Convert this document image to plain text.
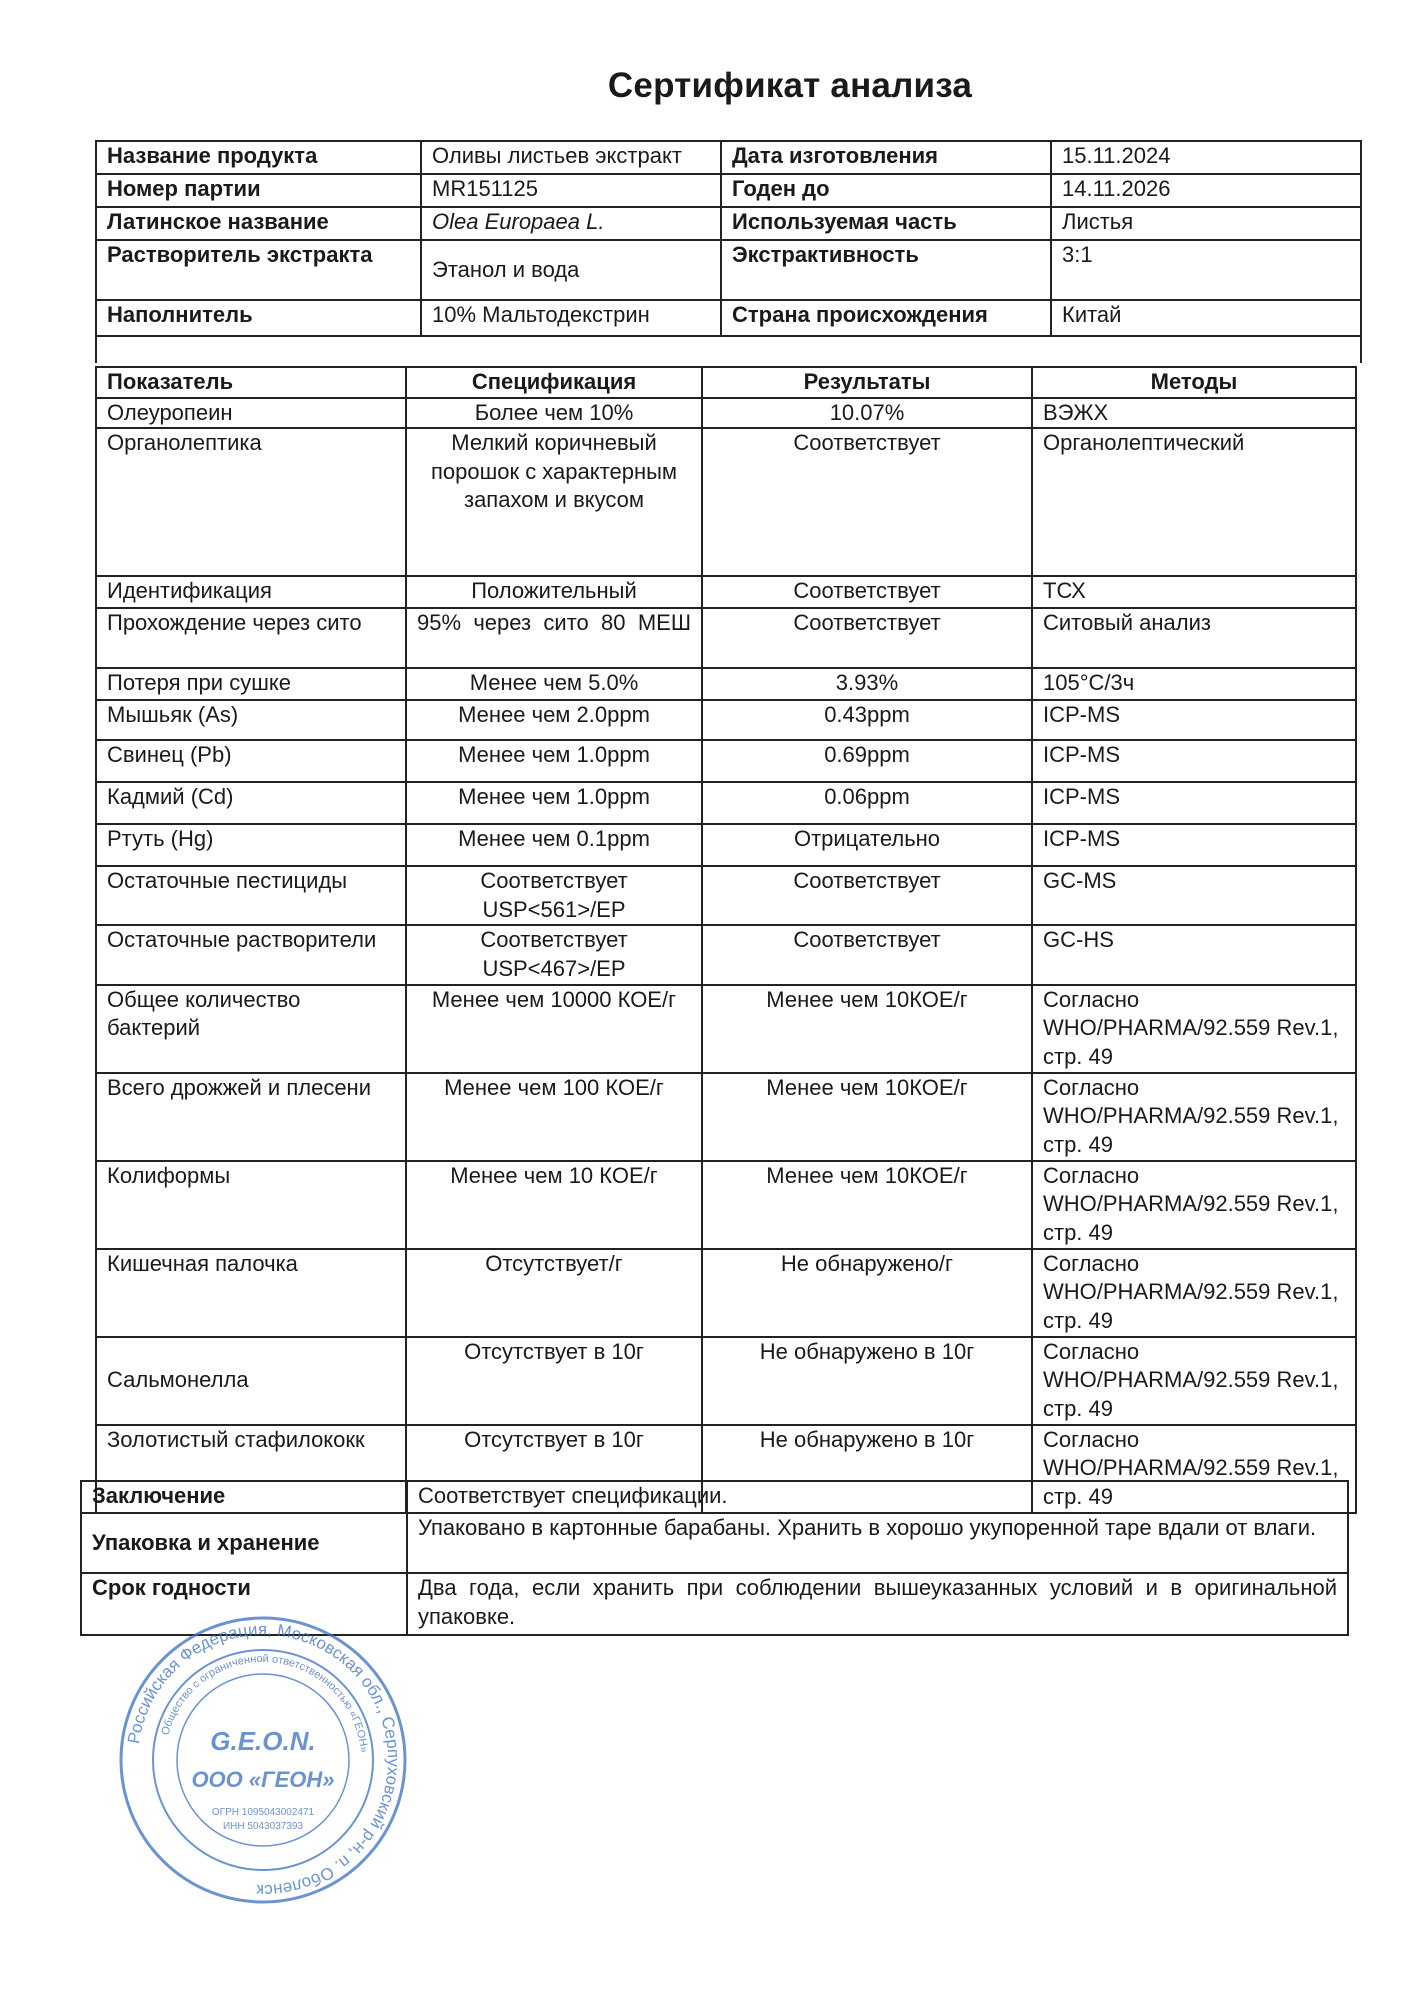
Сертификат анализа
Название продукта	Оливы листьев экстракт	Дата изготовления	15.11.2024
Номер партии	MR151125	Годен до	14.11.2026
Латинское название	Olea Europaea L.	Используемая часть	Листья
Растворитель экстракта	Этанол и вода	Экстрактивность	3:1
Наполнитель	10% Мальтодекстрин	Страна происхождения	Китай

Показатель	Спецификация	Результаты	Методы
Олеуропеин	Более чем 10%	10.07%	ВЭЖХ
Органолептика	Мелкий коричневый порошок с характерным запахом и вкусом	Соответствует	Органолептический
Идентификация	Положительный	Соответствует	ТСХ
Прохождение через сито	95% через сито 80 МЕШ	Соответствует	Ситовый анализ
Потеря при сушке	Менее чем 5.0%	3.93%	105°С/3ч
Мышьяк (As)	Менее чем 2.0ppm	0.43ppm	ICP-MS
Свинец (Pb)	Менее чем 1.0ppm	0.69ppm	ICP-MS
Кадмий (Cd)	Менее чем 1.0ppm	0.06ppm	ICP-MS
Ртуть (Hg)	Менее чем 0.1ppm	Отрицательно	ICP-MS
Остаточные пестициды	Соответствует USP<561>/EP	Соответствует	GC-MS
Остаточные растворители	Соответствует USP<467>/EP	Соответствует	GC-HS
Общее количество бактерий	Менее чем 10000 КОЕ/г	Менее чем 10КОЕ/г	Согласно WHO/PHARMA/92.559 Rev.1, стр. 49
Всего дрожжей и плесени	Менее чем 100 КОЕ/г	Менее чем 10КОЕ/г	Согласно WHO/PHARMA/92.559 Rev.1, стр. 49
Колиформы	Менее чем 10 КОЕ/г	Менее чем 10КОЕ/г	Согласно WHO/PHARMA/92.559 Rev.1, стр. 49
Кишечная палочка	Отсутствует/г	Не обнаружено/г	Согласно WHO/PHARMA/92.559 Rev.1, стр. 49
Сальмонелла	Отсутствует в 10г	Не обнаружено в 10г	Согласно WHO/PHARMA/92.559 Rev.1, стр. 49
Золотистый стафилококк	Отсутствует в 10г	Не обнаружено в 10г	Согласно WHO/PHARMA/92.559 Rev.1, стр. 49
Заключение	Соответствует спецификации.
Упаковка и хранение	Упаковано в картонные барабаны. Хранить в хорошо укупоренной таре вдали от влаги.
Срок годности	Два года, если хранить при соблюдении вышеуказанных условий и в оригинальной упаковке.
Российская Федерация, Московская обл., Серпуховский р-н, п. Оболенск
Общество с ограниченной ответственностью «ГЕОН»
G.E.O.N.
ООО «ГЕОН»
ОГРН 1095043002471
ИНН 5043037393
